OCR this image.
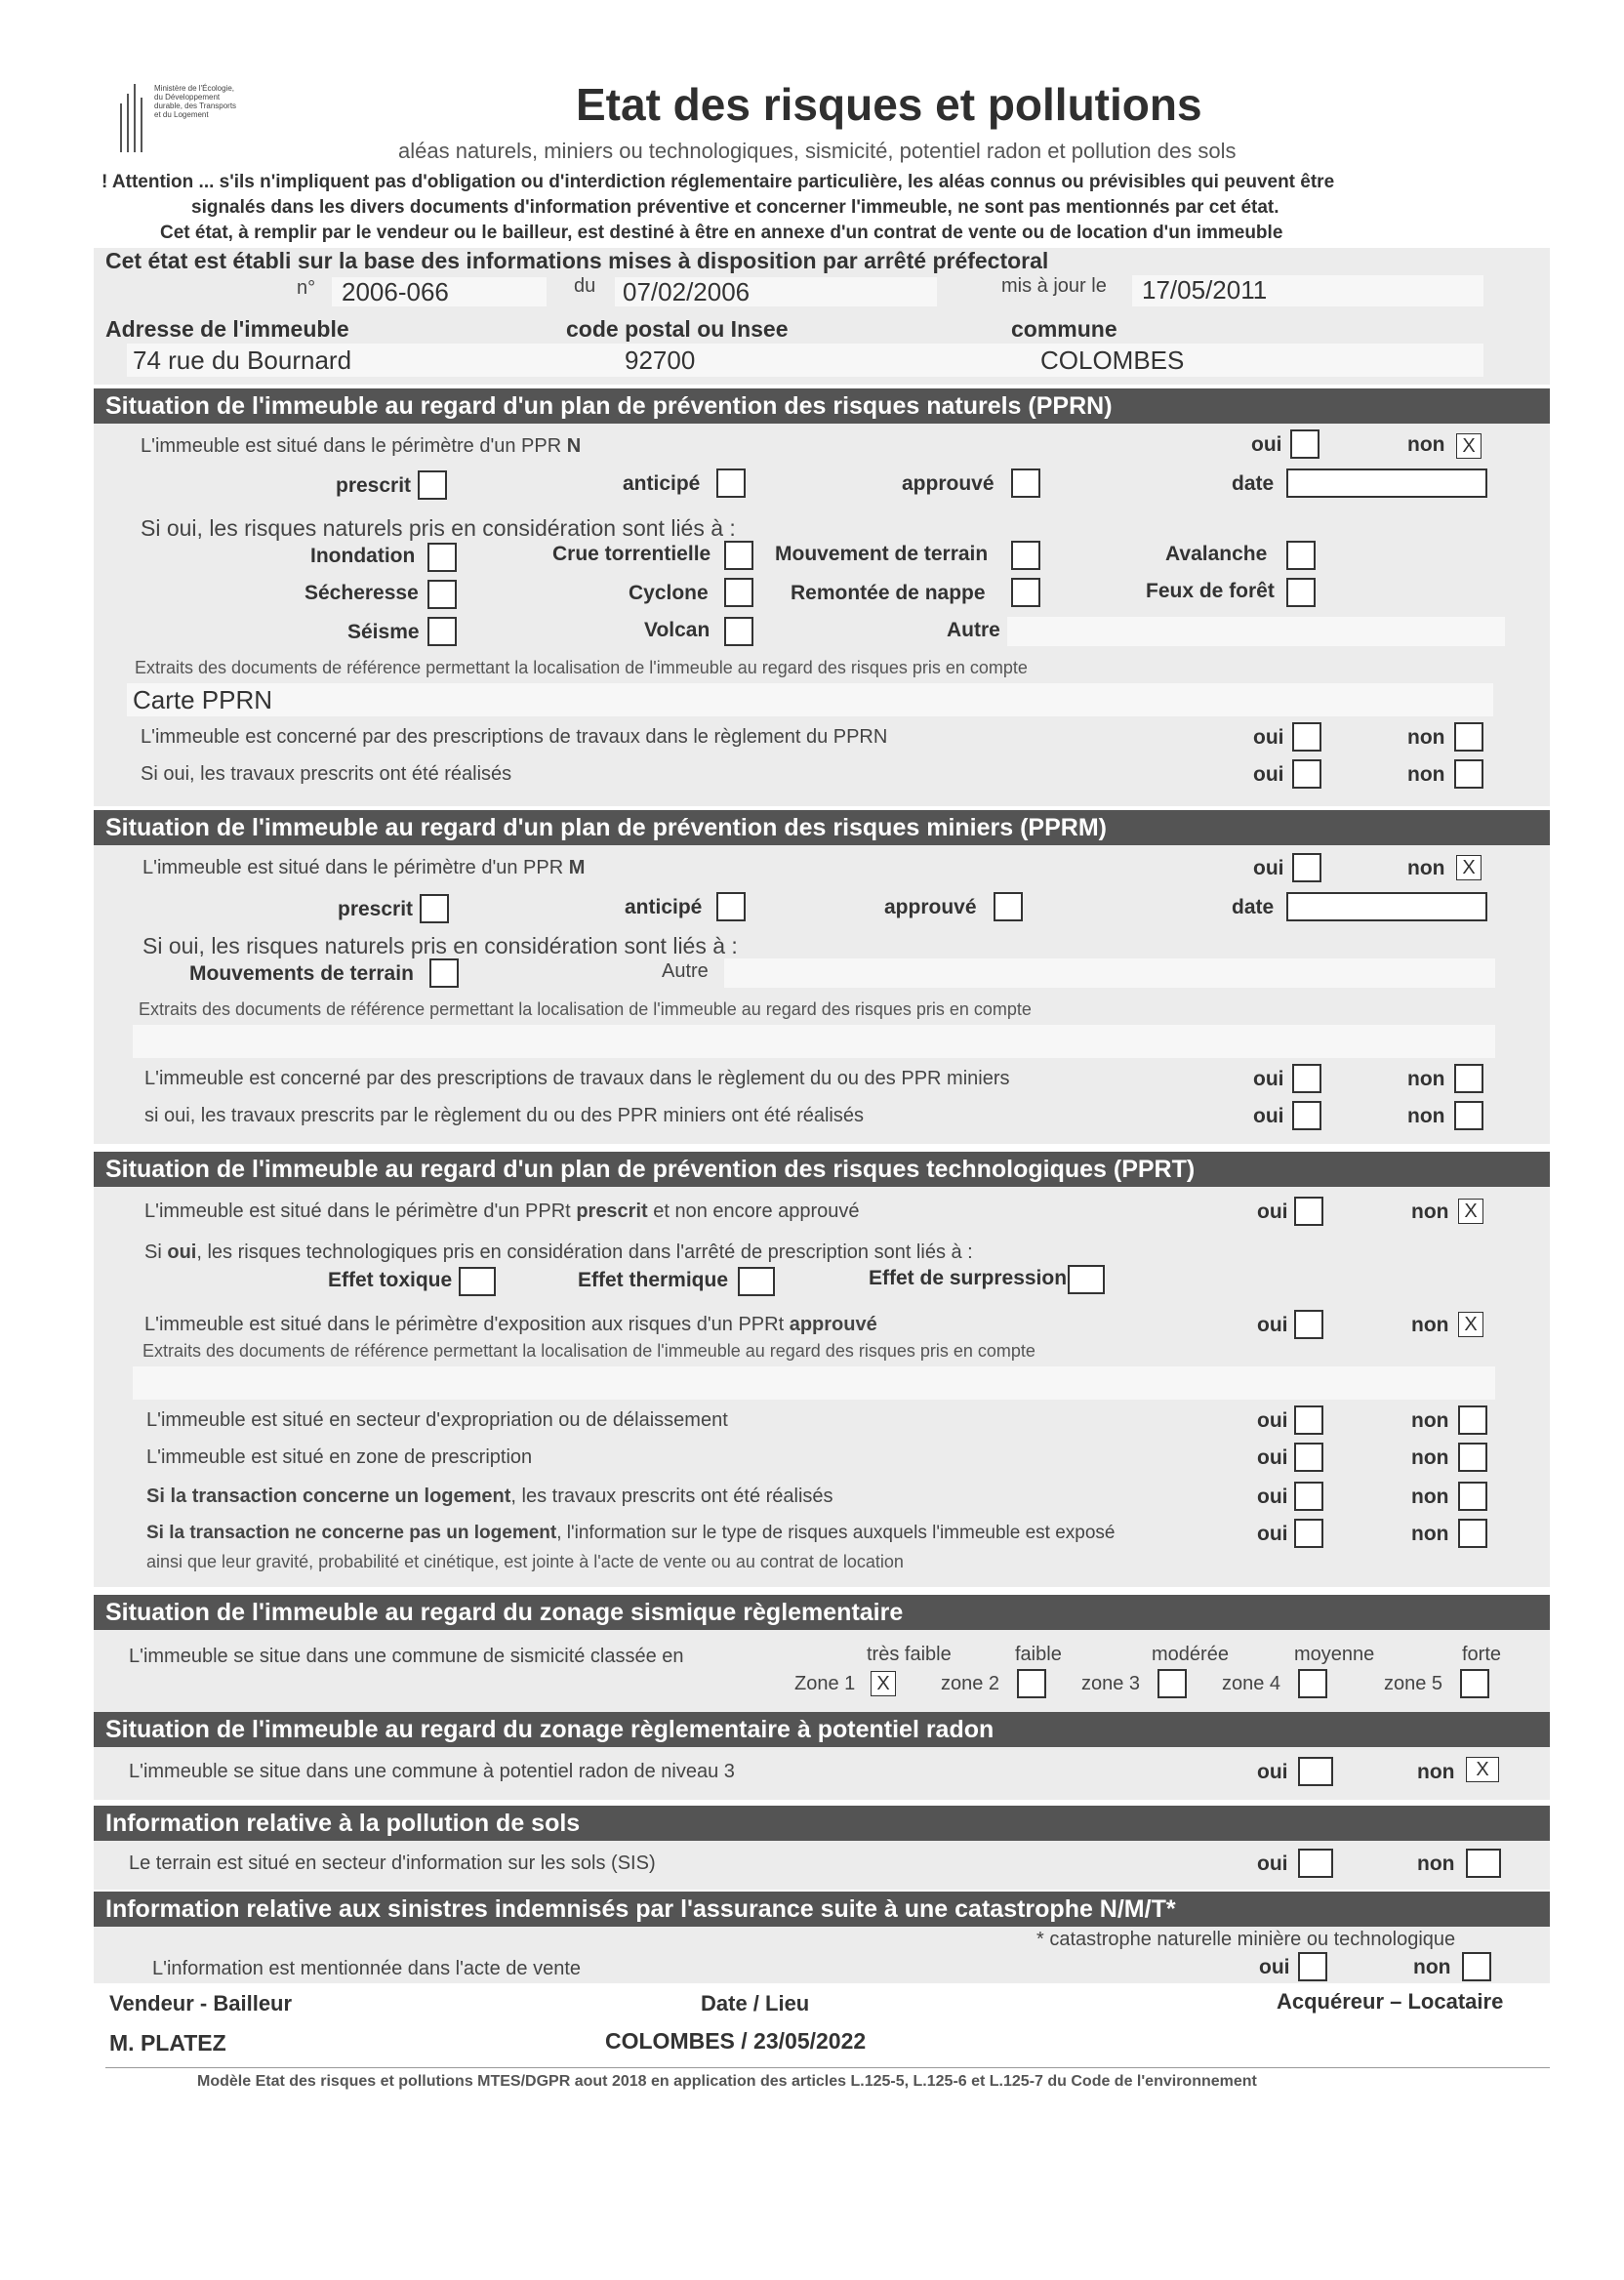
Ministère de l'Écologie, du Développement durable, des Transports et du Logement	Etat des risques et pollutions
aléas naturels, miniers ou technologiques, sismicité, potentiel radon et pollution des sols
! Attention ... s'ils n'impliquent pas d'obligation ou d'interdiction réglementaire particulière, les aléas connus ou prévisibles qui peuvent être
signalés dans les divers documents d'information préventive et concerner l'immeuble, ne sont pas mentionnés par cet état.
Cet état, à remplir par le vendeur ou le bailleur, est destiné à être en annexe d'un contrat de vente ou de location d'un immeuble
Cet état est établi sur la base des informations mises à disposition par arrêté préfectoral
n° 2006-066	du 07/02/2006	mis à jour le 17/05/2011
Adresse de l'immeuble	code postal ou Insee	commune
74 rue du Bournard	92700	COLOMBES
Situation de l'immeuble au regard d'un plan de prévention des risques naturels (PPRN)
L'immeuble est situé dans le périmètre d'un PPR N	oui	non X
prescrit	anticipé	approuvé	date
Si oui, les risques naturels pris en considération sont liés à :
Inondation	Crue torrentielle	Mouvement de terrain	Avalanche
Sécheresse	Cyclone	Remontée de nappe	Feux de forêt
Séisme	Volcan	Autre
Extraits des documents de référence permettant la localisation de l'immeuble au regard des risques pris en compte
Carte PPRN
L'immeuble est concerné par des prescriptions de travaux dans le règlement du PPRN	oui	non
Si oui, les travaux prescrits ont été réalisés	oui	non
Situation de l'immeuble au regard d'un plan de prévention des risques miniers (PPRM)
L'immeuble est situé dans le périmètre d'un PPR M	oui	non X
prescrit	anticipé	approuvé	date
Si oui, les risques naturels pris en considération sont liés à :
Mouvements de terrain	Autre
Extraits des documents de référence permettant la localisation de l'immeuble au regard des risques pris en compte
L'immeuble est concerné par des prescriptions de travaux dans le règlement du ou des PPR miniers	oui	non
si oui, les travaux prescrits par le règlement du ou des PPR miniers ont été réalisés	oui	non
Situation de l'immeuble au regard d'un plan de prévention des risques technologiques (PPRT)
L'immeuble est situé dans le périmètre d'un PPRt prescrit et non encore approuvé	oui	non X
Si oui, les risques technologiques pris en considération dans l'arrêté de prescription sont liés à :
Effet toxique	Effet thermique	Effet de surpression
L'immeuble est situé dans le périmètre d'exposition aux risques d'un PPRt approuvé	oui	non X
Extraits des documents de référence permettant la localisation de l'immeuble au regard des risques pris en compte
L'immeuble est situé en secteur d'expropriation ou de délaissement	oui	non
L'immeuble est situé en zone de prescription	oui	non
Si la transaction concerne un logement, les travaux prescrits ont été réalisés	oui	non
Si la transaction ne concerne pas un logement, l'information sur le type de risques auxquels l'immeuble est exposé
ainsi que leur gravité, probabilité et cinétique, est jointe à l'acte de vente ou au contrat de location
oui	non
Situation de l'immeuble au regard du zonage sismique règlementaire
L'immeuble se situe dans une commune de sismicité classée en	très faible	faible	modérée	moyenne	forte
Zone 1	X	zone 2	zone 3	zone 4	zone 5
Situation de l'immeuble au regard du zonage règlementaire à potentiel radon
L'immeuble se situe dans une commune à potentiel radon de niveau 3	oui	non	X
Information relative à la pollution de sols
Le terrain est situé en secteur d'information sur les sols (SIS)	oui	non
Information relative aux sinistres indemnisés par l'assurance suite à une catastrophe N/M/T*
* catastrophe naturelle minière ou technologique
L'information est mentionnée dans l'acte de vente	oui	non
Vendeur - Bailleur	Date / Lieu	Acquéreur – Locataire
M. PLATEZ	COLOMBES / 23/05/2022
Modèle Etat des risques et pollutions MTES/DGPR aout 2018 en application des articles L.125-5, L.125-6 et L.125-7 du Code de l'environnement
